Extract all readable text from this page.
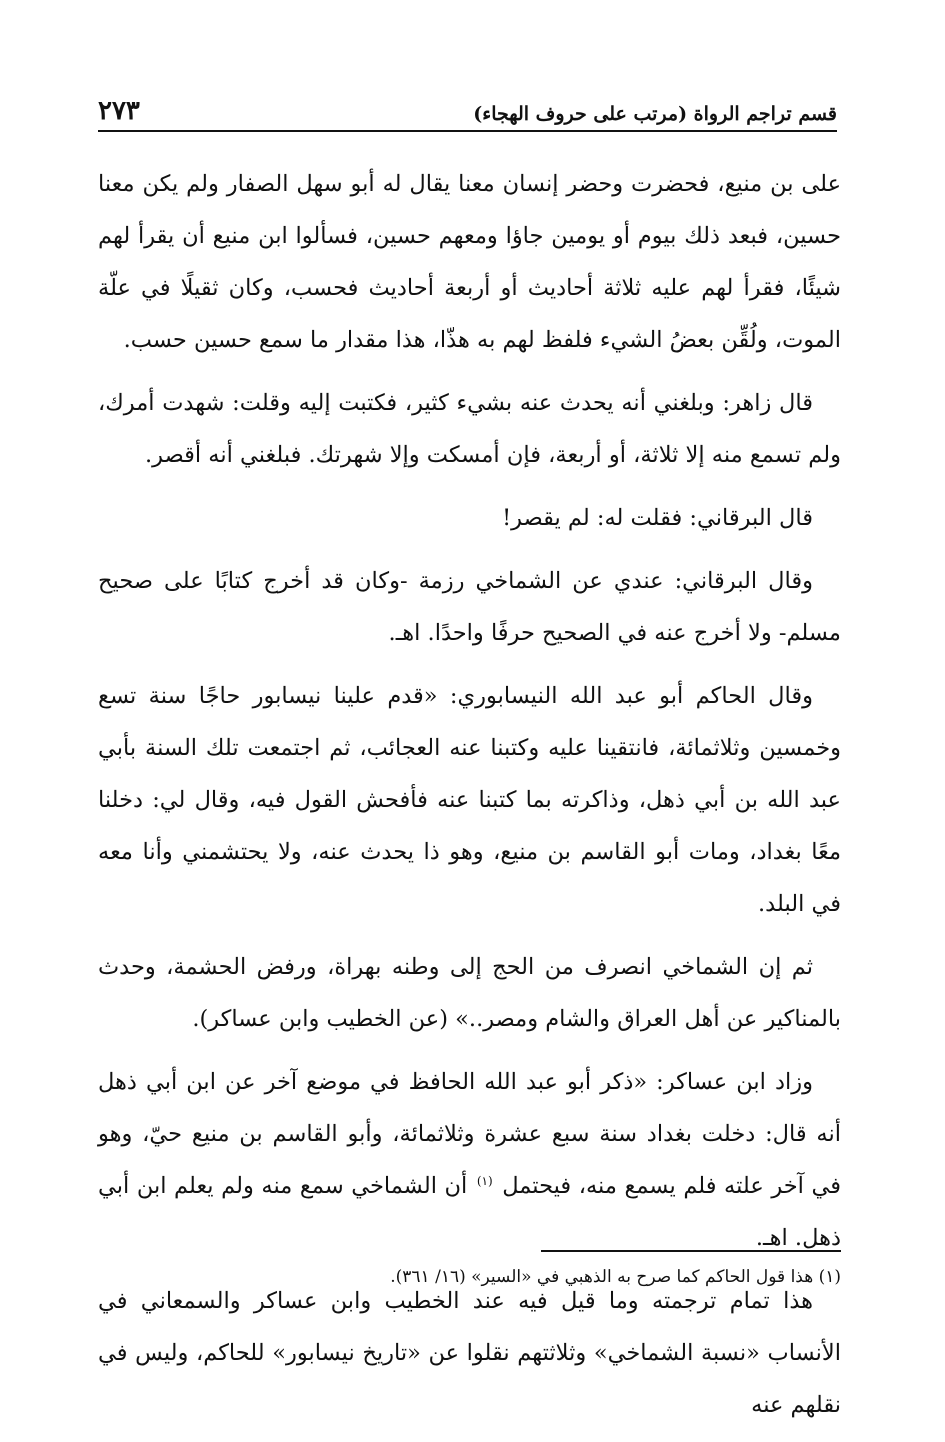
قسم تراجم الرواة (مرتب على حروف الهجاء)
٢٧٣

على بن منيع، فحضرت وحضر إنسان معنا يقال له أبو سهل الصفار ولم يكن معنا حسين، فبعد ذلك بيوم أو يومين جاؤا ومعهم حسين، فسألوا ابن منيع أن يقرأ لهم شيئًا، فقرأ لهم عليه ثلاثة أحاديث أو أربعة أحاديث فحسب، وكان ثقيلًا في علّة الموت، ولُقِّن بعضُ الشيء فلفظ لهم به هذّا، هذا مقدار ما سمع حسين حسب.

قال زاهر: وبلغني أنه يحدث عنه بشيء كثير، فكتبت إليه وقلت: شهدت أمرك، ولم تسمع منه إلا ثلاثة، أو أربعة، فإن أمسكت وإلا شهرتك. فبلغني أنه أقصر.

قال البرقاني: فقلت له: لم يقصر!

وقال البرقاني: عندي عن الشماخي رزمة -وكان قد أخرج كتابًا على صحيح مسلم- ولا أخرج عنه في الصحيح حرفًا واحدًا. اهـ.

وقال الحاكم أبو عبد الله النيسابوري: «قدم علينا نيسابور حاجًا سنة تسع وخمسين وثلاثمائة، فانتقينا عليه وكتبنا عنه العجائب، ثم اجتمعت تلك السنة بأبي عبد الله بن أبي ذهل، وذاكرته بما كتبنا عنه فأفحش القول فيه، وقال لي: دخلنا معًا بغداد، ومات أبو القاسم بن منيع، وهو ذا يحدث عنه، ولا يحتشمني وأنا معه في البلد.

ثم إن الشماخي انصرف من الحج إلى وطنه بهراة، ورفض الحشمة، وحدث بالمناكير عن أهل العراق والشام ومصر..» (عن الخطيب وابن عساكر).

وزاد ابن عساكر: «ذكر أبو عبد الله الحافظ في موضع آخر عن ابن أبي ذهل أنه قال: دخلت بغداد سنة سبع عشرة وثلاثمائة، وأبو القاسم بن منيع حيّ، وهو في آخر علته فلم يسمع منه، فيحتمل $^{(١)}$ أن الشماخي سمع منه ولم يعلم ابن أبي ذهل. اهـ.

هذا تمام ترجمته وما قيل فيه عند الخطيب وابن عساكر والسمعاني في الأنساب «نسبة الشماخي» وثلاثتهم نقلوا عن «تاريخ نيسابور» للحاكم، وليس في نقلهم عنه

(١) هذا قول الحاكم كما صرح به الذهبي في «السير» (١٦/ ٣٦١).
